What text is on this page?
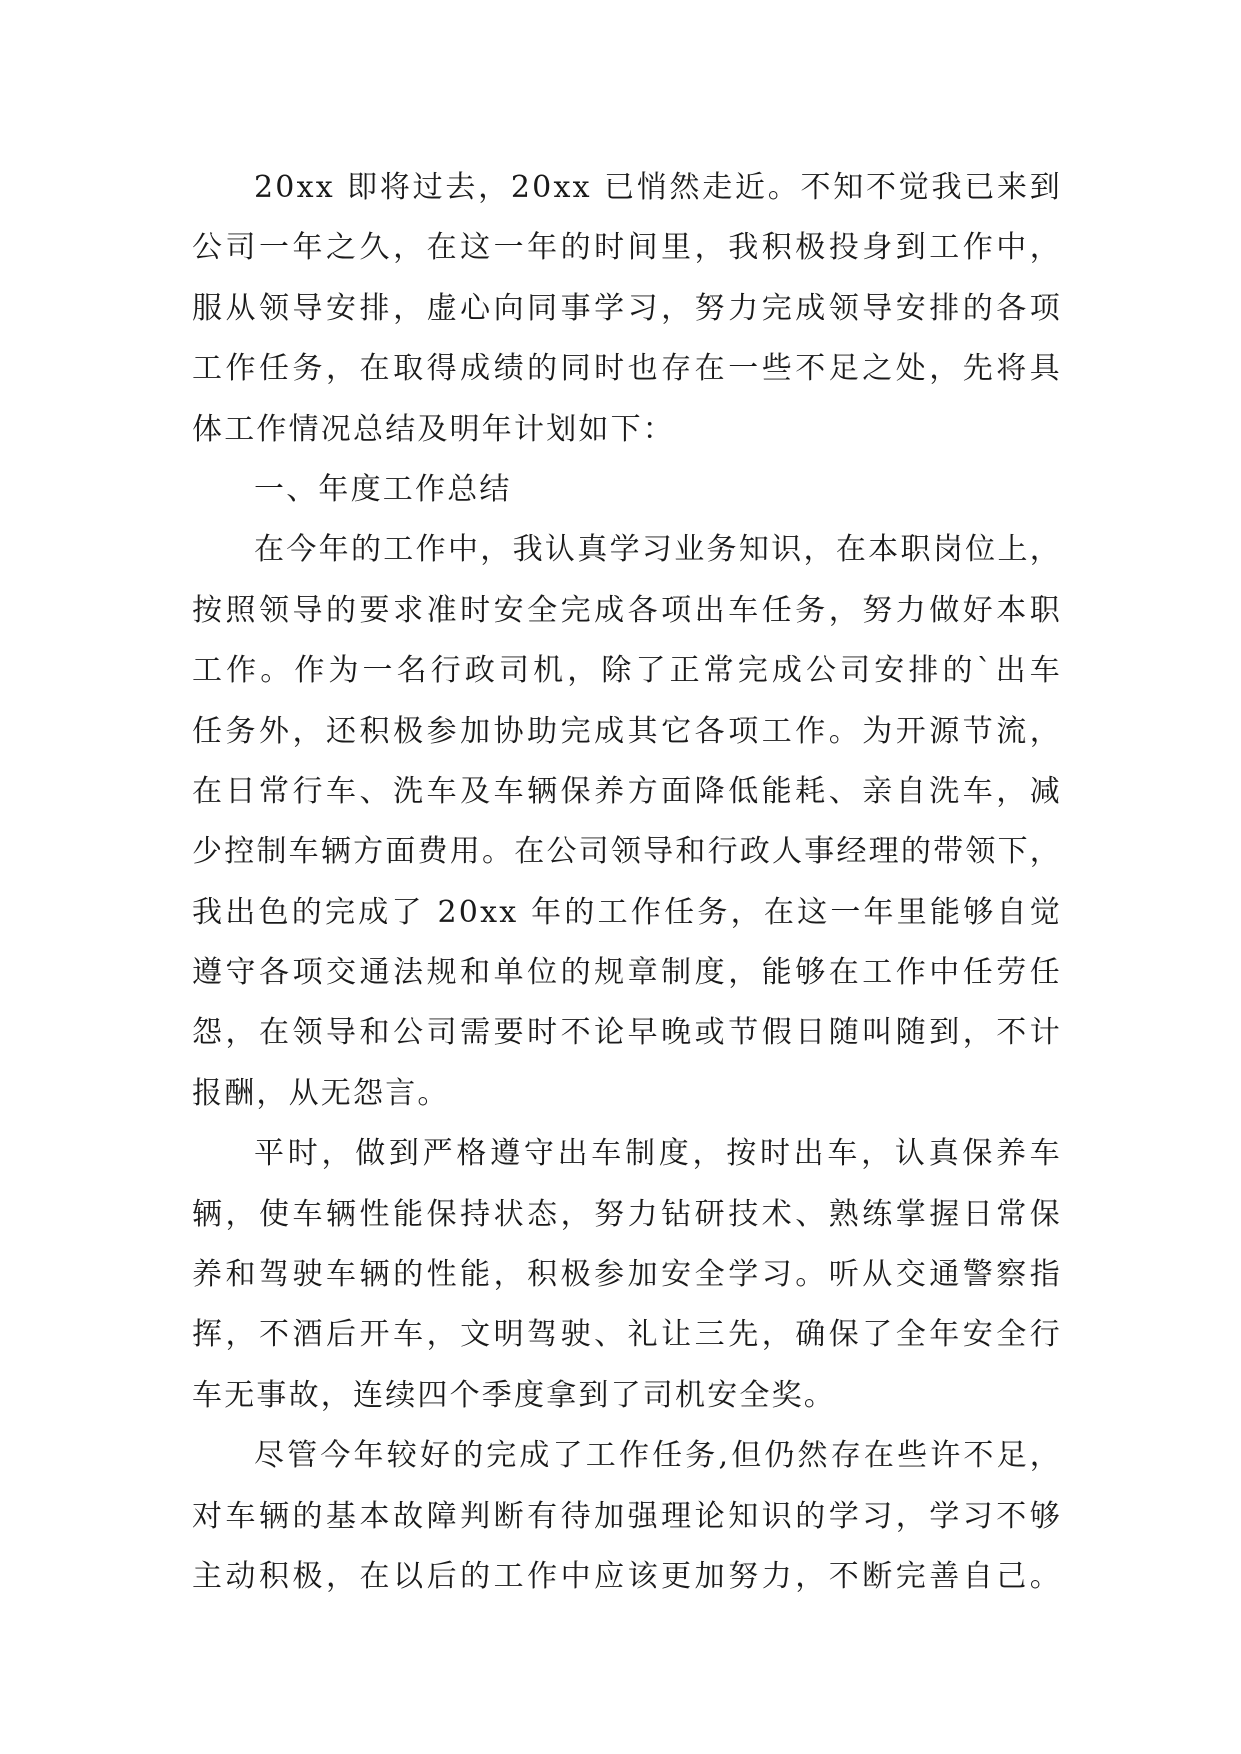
20xx 即将过去，20xx 已悄然走近。不知不觉我已来到
公司一年之久，在这一年的时间里，我积极投身到工作中，
服从领导安排，虚心向同事学习，努力完成领导安排的各项
工作任务，在取得成绩的同时也存在一些不足之处，先将具
体工作情况总结及明年计划如下：
一、年度工作总结
在今年的工作中，我认真学习业务知识，在本职岗位上，
按照领导的要求准时安全完成各项出车任务，努力做好本职
工作。作为一名行政司机，除了正常完成公司安排的`出车
任务外，还积极参加协助完成其它各项工作。为开源节流，
在日常行车、洗车及车辆保养方面降低能耗、亲自洗车，减
少控制车辆方面费用。在公司领导和行政人事经理的带领下，
我出色的完成了 20xx 年的工作任务，在这一年里能够自觉
遵守各项交通法规和单位的规章制度，能够在工作中任劳任
怨，在领导和公司需要时不论早晚或节假日随叫随到，不计
报酬，从无怨言。
平时，做到严格遵守出车制度，按时出车，认真保养车
辆，使车辆性能保持状态，努力钻研技术、熟练掌握日常保
养和驾驶车辆的性能，积极参加安全学习。听从交通警察指
挥，不酒后开车，文明驾驶、礼让三先，确保了全年安全行
车无事故，连续四个季度拿到了司机安全奖。
尽管今年较好的完成了工作任务,但仍然存在些许不足，
对车辆的基本故障判断有待加强理论知识的学习，学习不够
主动积极，在以后的工作中应该更加努力，不断完善自己。
